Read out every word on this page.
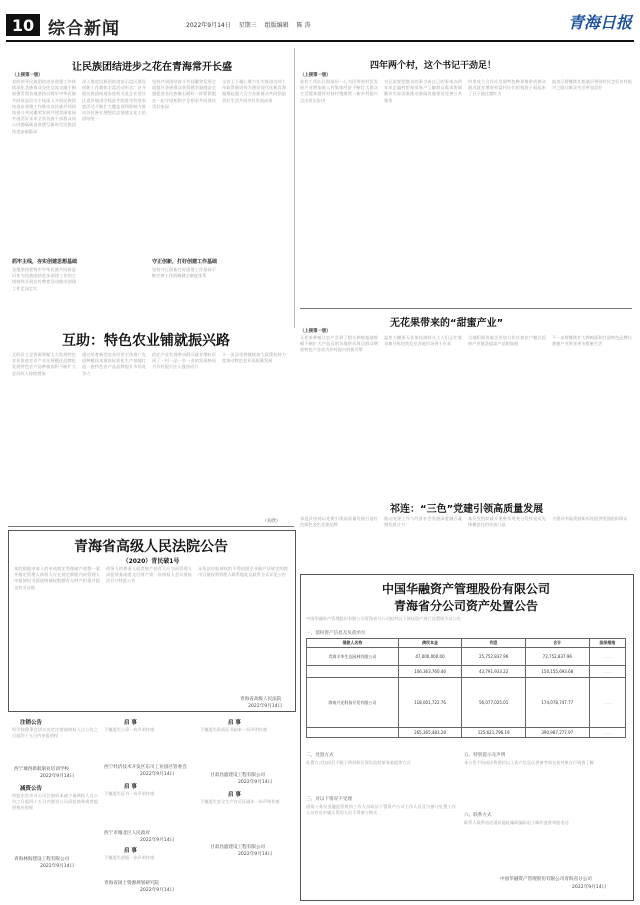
10 综合新闻	2022年9月14日 星期三 组版编辑 陈 涛	青海日报
让民族团结进步之花在青海常开长盛
（上接第一版）
党的领导民族团结进步创建工作持续深化各族群众交往交流交融不断加强青海各地坚持以铸牢中华民族共同体意识为主线深入开展民族团结进步创建工作推动各民族共同团结奋斗共同繁荣发展共建美丽家园共创美好未来全省各族干部群众同心同德砥砺奋进谱写新时代民族团结进步新篇章
抓牢主线，夯实创建思想基础
各地坚持把铸牢中华民族共同体意识作为民族团结进步创建工作的主线持续开展宣传教育活动推动创建工作走深走实
深入推进民族团结进步示范区建设创新工作载体丰富活动形式广泛开展民族团结进步进机关进企业进社区进乡镇进学校进寺院进军营进家庭活动不断扩大覆盖面和影响力推动各民族在理想信念情感文化上的团结统一
坚持共同团结奋斗共同繁荣发展全面提升各族群众获得感幸福感安全感促进各民族像石榴籽一样紧紧抱在一起守望相助手足相亲共同建设美好家园
守正创新，打好创建工作基础
坚持守正创新打好创建工作基础不断完善工作机制健全制度体系
全省上下凝心聚力扎实推进各项工作取得新成效为建设现代化新青海凝聚起强大合力各族群众共同创造美好生活共同享有发展成果
四年两个村，这个书记干劲足！
（上接第一版）
驻村工作队扎根基层一心为民带领村民发展产业增加收入村集体经济不断壮大群众生活越来越好村容村貌焕然一新乡村振兴迈出坚实步伐
书记说要把群众的事当成自己的事来办四年来走遍村里每家每户了解群众需求协调解决实际困难推动基础设施建设完善公共服务
村里成立合作社发展特色种养殖带动群众就近就业增收致富村民们的钱袋子鼓起来了日子越过越红火
他表示将继续扎根基层带领村民走好乡村振兴之路让群众生活更加美好
无花果带来的“甜蜜产业”
（上接第一版）
无花果种植让农户尝到了甜头种植基地规模不断扩大产品远销各地带动周边群众增收特色产业成为乡村振兴的新引擎
温室大棚里无花果挂满枝头工人们正忙着采摘分拣包装发往各地市场供不应求
当地积极探索企业加合作社加农户模式延伸产业链条提高产品附加值
下一步将继续扩大种植面积打造特色品牌让甜蜜产业带来更多甜蜜生活
互助：特色农业铺就振兴路
互助县立足资源禀赋大力发展特色农业推进农业产业化规模化品牌化发展特色农产品种植面积不断扩大农民收入持续增加
通过培育新型农业经营主体推广先进种植技术建设标准化生产基地打造一批特色农产品品牌提升市场竞争力
依托产业发展带动群众就业增收形成了一村一品一乡一业的发展格局为乡村振兴注入强劲动力
下一步县里将继续加大政策扶持力度推动特色农业高质量发展
（关欣）
祁连：“三色”党建引领高质量发展
祁连县坚持以党建引领高质量发展打造红色绿色金色党建品牌
推动党建工作与经济社会发展深度融合凝聚发展合力
基层党组织战斗堡垒作用充分发挥党员先锋模范作用更加凸显
为建设幸福美丽新祁连提供坚强组织保证
青海省高级人民法院公告
（2020）青民破1号
本院根据申请人的申请裁定受理破产重整一案并指定管理人债权人应在规定期限内向管理人申报债权书面说明债权数额有无财产担保并提交有关证据
债务人的债务人或者财产持有人应当向管理人清偿债务或者交付财产第一次债权人会议将依法召开特此公告
未依法申报债权的不得依照企业破产法规定的程序行使权利管理人联系地址及联系方式详见公告
青海省高级人民法院
2022年9月14日
注销公告
经学校理事会决议决定注销请债权人自公告之日起四十五日内申报债权
西宁城西新航职业培训学校
2022年9月14日
减资公告
经股东会决议公司注册资本减少请债权人自公告之日起四十五日内要求公司清偿债务或者提供相应担保
青海林海建设工程有限公司
2022年9月14日
启 事
不慎遗失公章一枚声明作废
西宁经济技术开发区东川工业园区管委会
2022年9月14日
启 事
不慎遗失证书一份声明作废
西宁市城北区人民政府
2022年9月14日
启 事
不慎遗失票据一张声明作废
青海省国土资源规划研究院
2022年9月14日
启 事
不慎遗失资质证书副本一份声明作废
甘肃昌盛建设工程有限公司
2022年9月14日
启 事
不慎遗失安全生产许可证副本一份声明作废
甘肃昌盛建设工程有限公司
2022年9月14日
中国华融资产管理股份有限公司
青海省分公司资产处置公告
中国华融资产管理股份有限公司青海省分公司拟对以下债权资产进行处置现予以公告
一、债权资产信息及负债单位
借款人名称	债权本金	利息	合计	担保措施
青海丰华生态园林有限公司	47,000,000.00	25,752,837.96	72,752,837.96	……
	106,363,760.46	43,791,933.22	150,155,693.68	……
海南兴光科技开发有限公司	118,001,722.76	56,077,025.01	174,078,747.77	……
	265,365,483.28	125,621,796.19	390,987,277.97	……
二、处置方式
处置方式包括但不限于债权转让诉讼追偿债务重组等方式
三、对以下情况不受理
国家公务员金融监管机构工作人员政法干警资产公司工作人员及与参与处置工作人员有近亲属关系的人员不得参与购买
五、特别提示及声明
本公告不构成出售要约以上资产信息仅供参考请交易对象自行调查了解
六、联系方式
联系人联系电话通讯地址邮政编码电子邮件监督举报电话
中国华融资产管理股份有限公司青海省分公司
2022年9月14日
